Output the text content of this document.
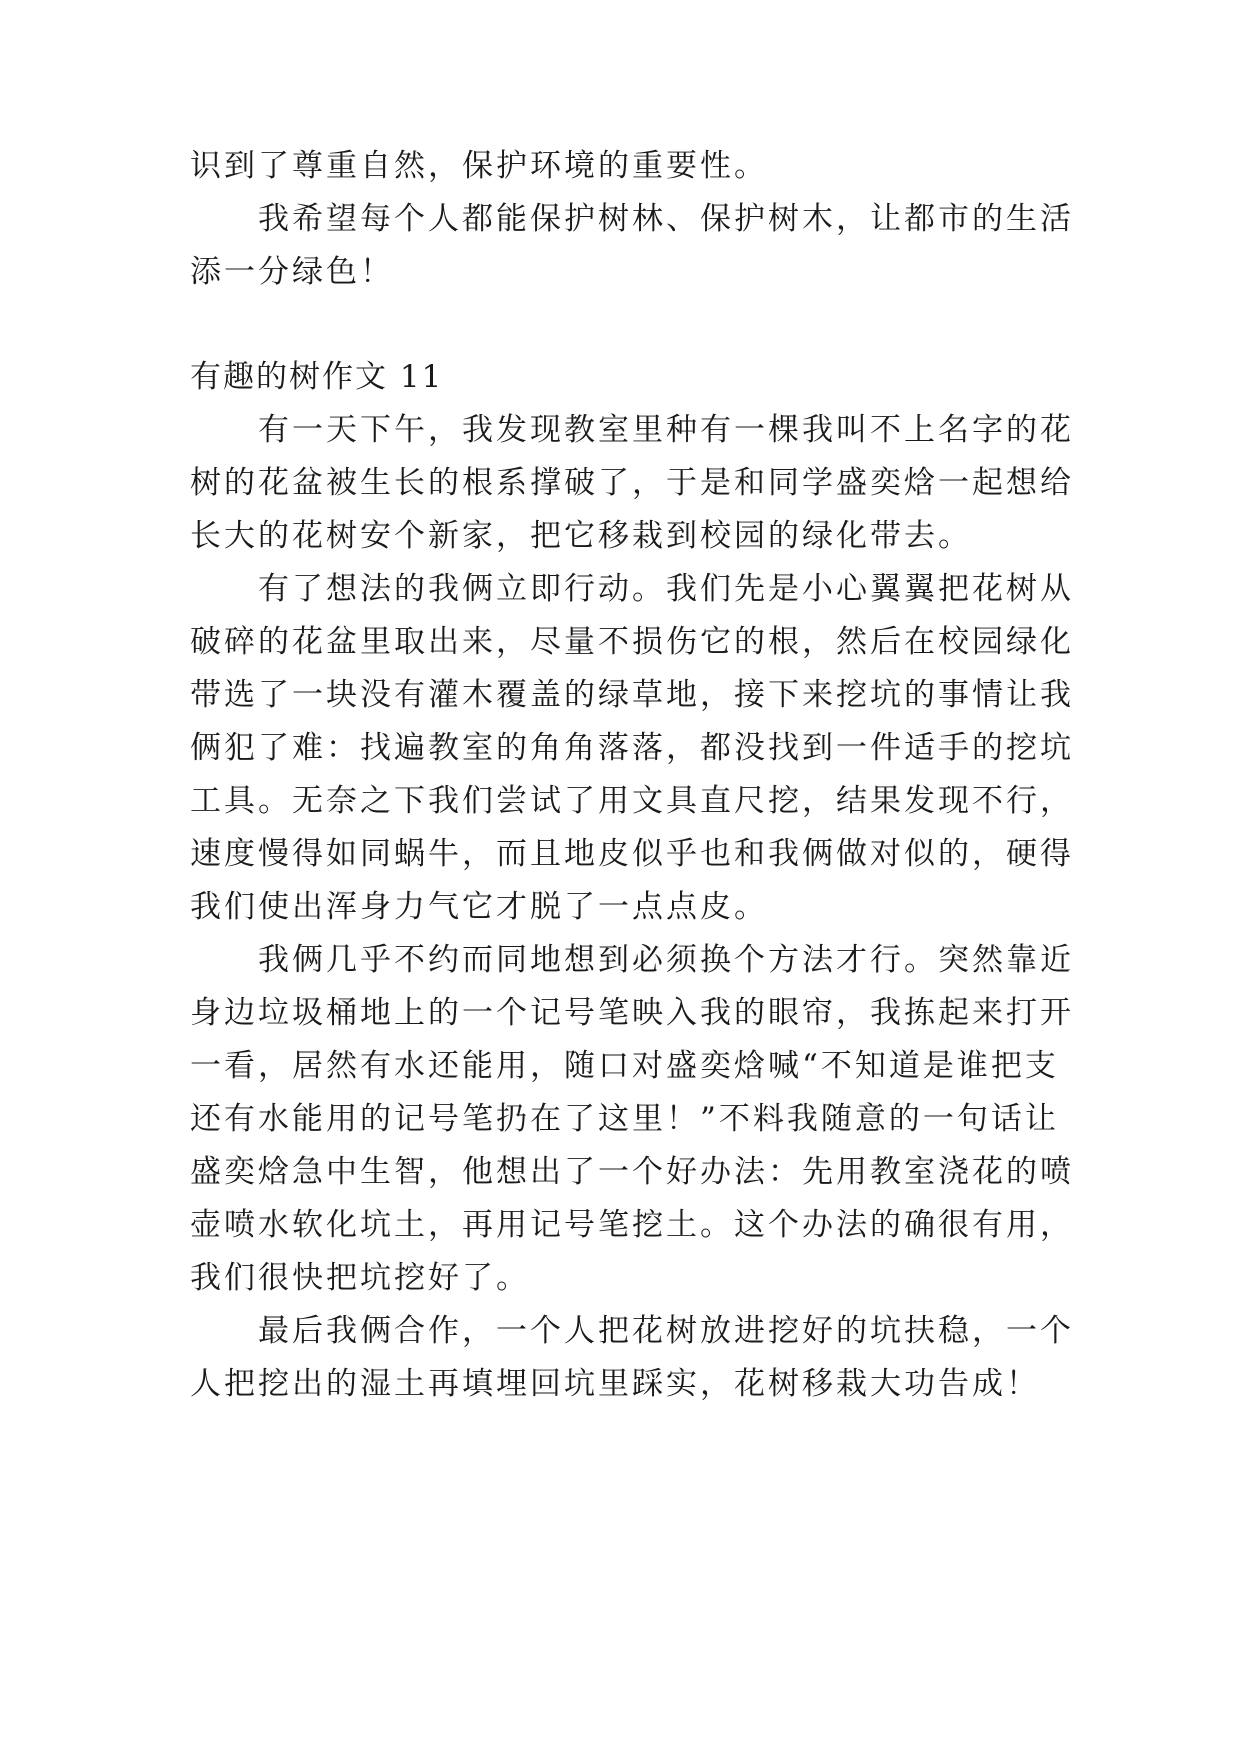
识到了尊重自然，保护环境的重要性。
我希望每个人都能保护树林、保护树木，让都市的生活
添一分绿色！
有趣的树作文 11
有一天下午，我发现教室里种有一棵我叫不上名字的花
树的花盆被生长的根系撑破了，于是和同学盛奕焓一起想给
长大的花树安个新家，把它移栽到校园的绿化带去。
有了想法的我俩立即行动。我们先是小心翼翼把花树从
破碎的花盆里取出来，尽量不损伤它的根，然后在校园绿化
带选了一块没有灌木覆盖的绿草地，接下来挖坑的事情让我
俩犯了难：找遍教室的角角落落，都没找到一件适手的挖坑
工具。无奈之下我们尝试了用文具直尺挖，结果发现不行，
速度慢得如同蜗牛，而且地皮似乎也和我俩做对似的，硬得
我们使出浑身力气它才脱了一点点皮。
我俩几乎不约而同地想到必须换个方法才行。突然靠近
身边垃圾桶地上的一个记号笔映入我的眼帘，我拣起来打开
一看，居然有水还能用，随口对盛奕焓喊“不知道是谁把支
还有水能用的记号笔扔在了这里！”不料我随意的一句话让
盛奕焓急中生智，他想出了一个好办法：先用教室浇花的喷
壶喷水软化坑土，再用记号笔挖土。这个办法的确很有用，
我们很快把坑挖好了。
最后我俩合作，一个人把花树放进挖好的坑扶稳，一个
人把挖出的湿土再填埋回坑里踩实，花树移栽大功告成！
